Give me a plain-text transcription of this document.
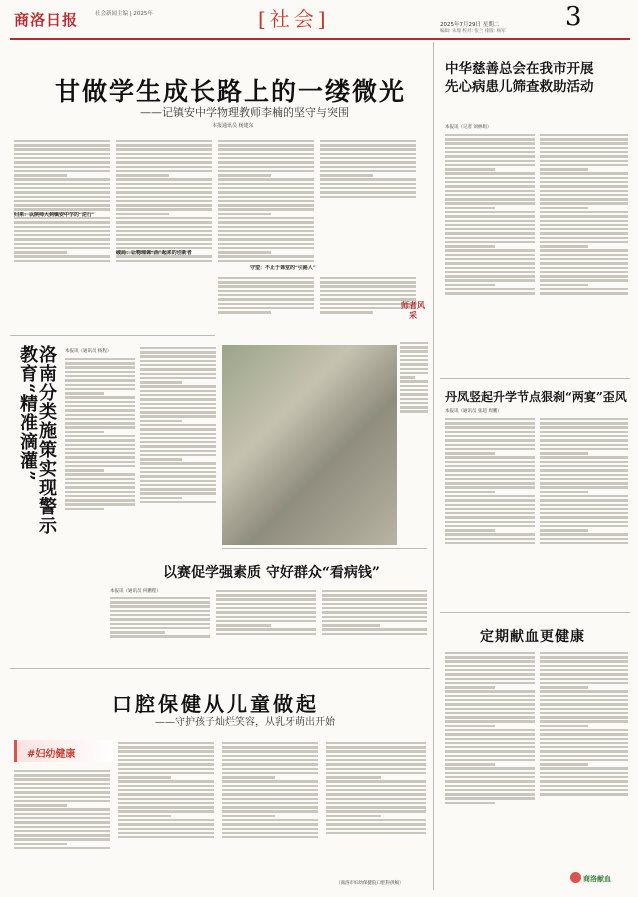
商洛日报	社会新闻主编 | 2025年	[社会]	2025年7月29日 星期二
编辑: 朱瑞 校对: 张兰 排版: 杨军 3
甘做学生成长路上的一缕微光
——记镇安中学物理教师李楠的坚守与突围
本报通讯员 杨建东
归来：以陕师大到镇安中学的“逆行”
破局：让物理课“活”起来的创新者
守望：不止于课堂的“引路人”
师者风采
洛南分类施策实现警示教育“精准滴灌”	本报讯（通讯员 杨程）
以赛促学强素质 守好群众“看病钱”
本报讯（通讯员 何鹏程）
口腔保健从儿童做起
——守护孩子灿烂笑容，从乳牙萌出开始
#妇幼健康
（商洛市妇幼保健院口腔科供稿）
中华慈善总会在我市开展
先心病患儿筛查救助活动
本报讯（记者 刘林娟）
丹凤竖起升学节点狠刹“两宴”歪风
本报讯（通讯员 张超 周鹏）
定期献血更健康
商洛献血
